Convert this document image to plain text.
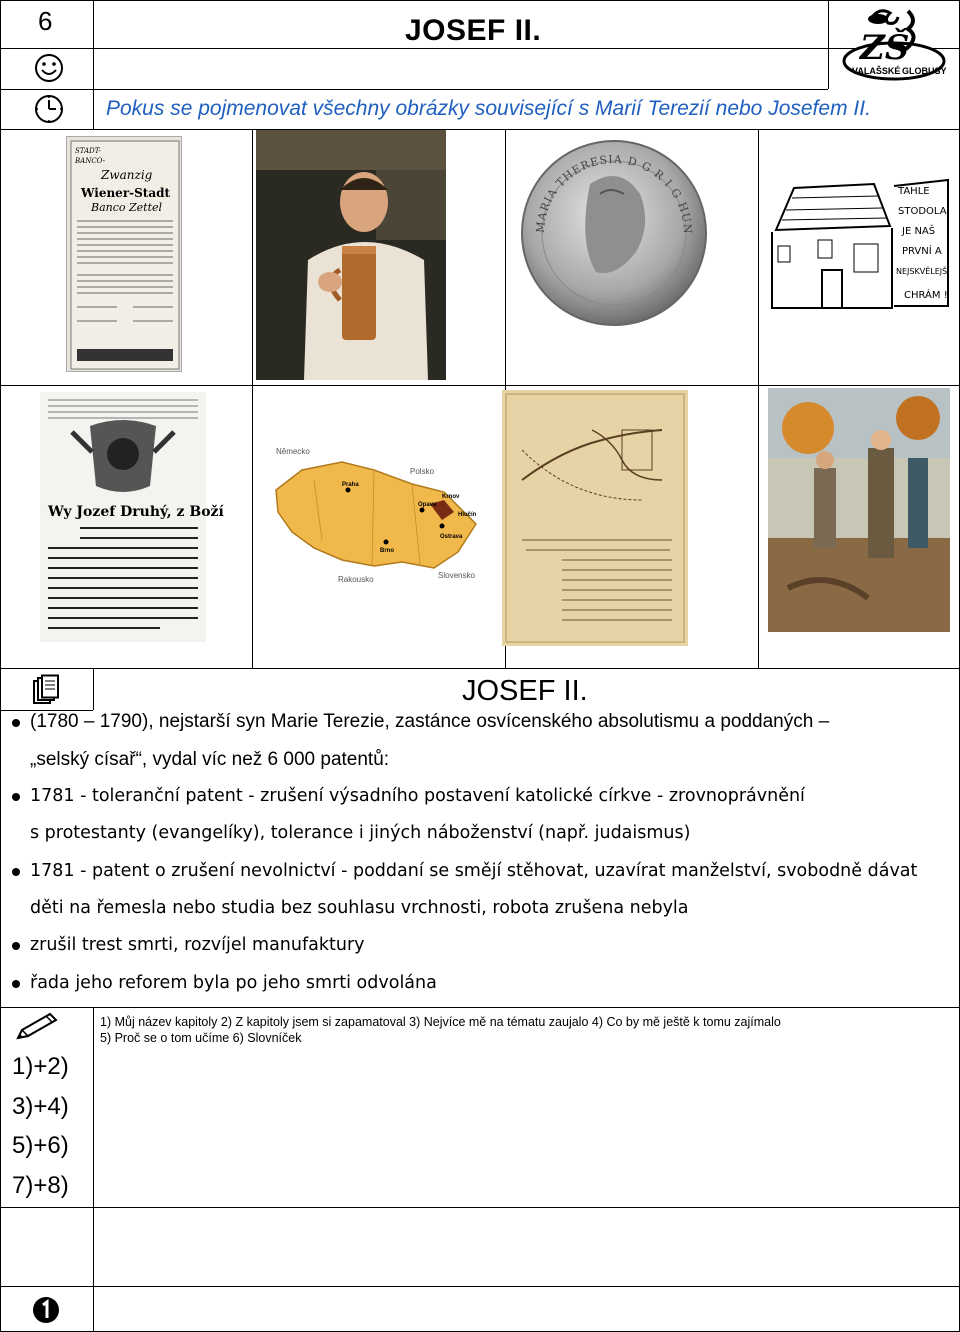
6	JOSEF II.
Pokus se pojmenovat všechny obrázky související s Marií Terezií nebo Josefem II.
VALAŠSKÉ GLOBUSY
ZŠ
STADT-
BANCO-
Zwanzig
Wiener-Stadt
Banco Zettel
MARIA THERESIA D G R I G HUN
TAHLE
STODOLA
JE NAŠ
PRVNÍ A
NEJSKVĚLEJŠÍ
CHRÁM !
Wy Jozef Druhý, z Boží
Německo
Polsko
Praha
Opava
Krnov
Hlučín
Ostrava
Brno
Rakousko	Slovensko
JOSEF II.
(1780 – 1790), nejstarší syn Marie Terezie, zastánce osvícenského absolutismu a poddaných –
„selský císař“, vydal víc než 6 000 patentů:
1781 - toleranční patent - zrušení výsadního postavení katolické církve - zrovnoprávnění
s protestanty (evangelíky), tolerance i jiných náboženství (např. judaismus)
1781 - patent o zrušení nevolnictví - poddaní se smějí stěhovat, uzavírat manželství, svobodně dávat
děti na řemesla nebo studia bez souhlasu vrchnosti, robota zrušena nebyla
zrušil trest smrti, rozvíjel manufaktury
řada jeho reforem byla po jeho smrti odvolána
1) Můj název kapitoly 2) Z kapitoly jsem si zapamatoval 3) Nejvíce mě na tématu zaujalo 4) Co by mě ještě k tomu zajímalo
5) Proč se o tom učíme 6) Slovníček
1)+2)
3)+4)
5)+6)
7)+8)
